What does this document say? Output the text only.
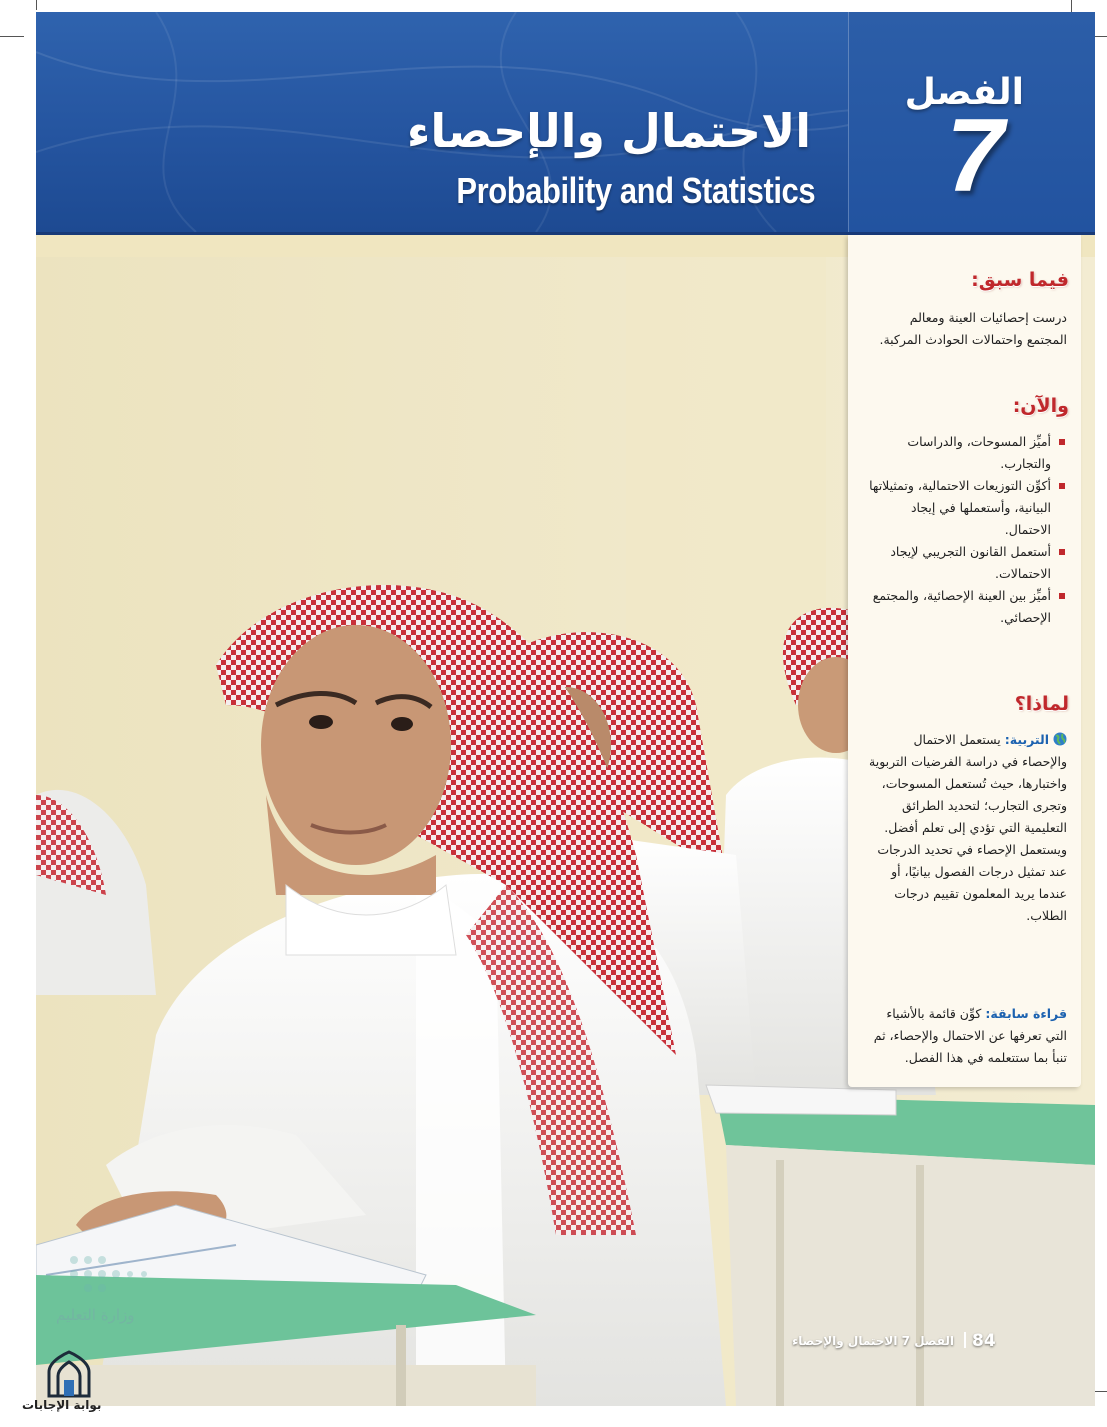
الاحتمال والإحصاء
Probability and Statistics
الفصل
7
فيما سبق:
درست إحصائيات العينة ومعالم المجتمع واحتمالات الحوادث المركبة.
والآن:
أميِّز المسوحات، والدراسات والتجارب.
أكوِّن التوزيعات الاحتمالية، وتمثيلاتها البيانية، وأستعملها في إيجاد الاحتمال.
أستعمل القانون التجريبي لإيجاد الاحتمالات.
أميِّز بين العينة الإحصائية، والمجتمع الإحصائي.
لماذا؟
التربية: يستعمل الاحتمال والإحصاء في دراسة الفرضيات التربوية واختبارها، حيث تُستعمل المسوحات، وتجرى التجارب؛ لتحديد الطرائق التعليمية التي تؤدي إلى تعلم أفضل. ويستعمل الإحصاء في تحديد الدرجات عند تمثيل درجات الفصول بيانيًا، أو عندما يريد المعلمون تقييم درجات الطلاب.
قراءة سابقة: كوِّن قائمة بالأشياء التي تعرفها عن الاحتمال والإحصاء، ثم تنبأ بما ستتعلمه في هذا الفصل.
84
الفصل 7 الاحتمال والإحصاء
وزارة التعليم
بوابة الإجابات
